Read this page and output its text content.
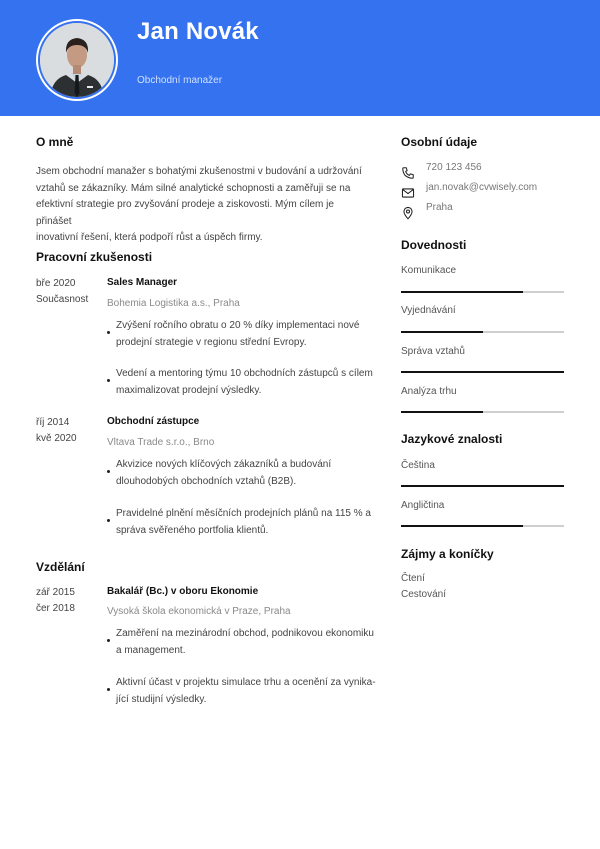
Jan Novák
Obchodní manažer
O mně
Jsem obchodní manažer s bohatými zkušenostmi v budování a udržování
vztahů se zákazníky. Mám silné analytické schopnosti a zaměřuji se na
efektivní strategie pro zvyšování prodeje a ziskovosti. Mým cílem je přinášet
inovativní řešení, která podpoří růst a úspěch firmy.
Pracovní zkušenosti
bře 2020
Současnost
Sales Manager
Bohemia Logistika a.s., Praha
Zvýšení ročního obratu o 20 % díky implementaci nové
prodejní strategie v regionu střední Evropy.
Vedení a mentoring týmu 10 obchodních zástupců s cílem
maximalizovat prodejní výsledky.
říj 2014
kvě 2020
Obchodní zástupce
Vltava Trade s.r.o., Brno
Akvizice nových klíčových zákazníků a budování
dlouhodobých obchodních vztahů (B2B).
Pravidelné plnění měsíčních prodejních plánů na 115 % a
správa svěřeného portfolia klientů.
Vzdělání
zář 2015
čer 2018
Bakalář (Bc.) v oboru Ekonomie
Vysoká škola ekonomická v Praze, Praha
Zaměření na mezinárodní obchod, podnikovou ekonomiku
a management.
Aktivní účast v projektu simulace trhu a ocenění za vynika-
jící studijní výsledky.
Osobní údaje
720 123 456
jan.novak@cvwisely.com
Praha
Dovednosti
Komunikace
Vyjednávání
Správa vztahů
Analýza trhu
Jazykové znalosti
Čeština
Angličtina
Zájmy a koníčky
Čtení
Cestování
